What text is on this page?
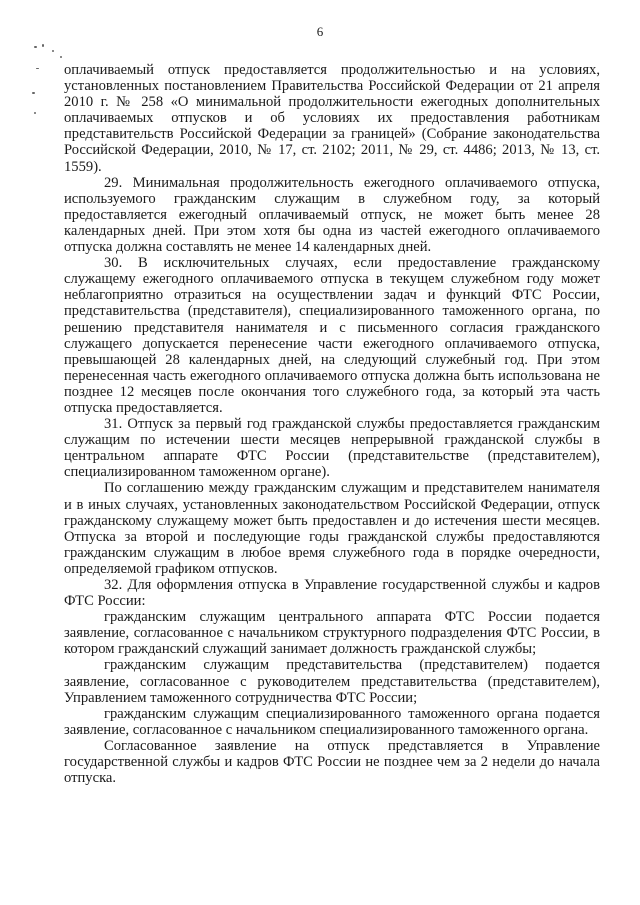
6

оплачиваемый отпуск предоставляется продолжительностью и на условиях, установленных постановлением Правительства Российской Федерации от 21 апреля 2010 г. № 258 «О минимальной продолжительности ежегодных дополнительных оплачиваемых отпусков и об условиях их предоставления работникам представительств Российской Федерации за границей» (Собрание законодательства Российской Федерации, 2010, № 17, ст. 2102; 2011, № 29, ст. 4486; 2013, № 13, ст. 1559).

29. Минимальная продолжительность ежегодного оплачиваемого отпуска, используемого гражданским служащим в служебном году, за который предоставляется ежегодный оплачиваемый отпуск, не может быть менее 28 календарных дней. При этом хотя бы одна из частей ежегодного оплачиваемого отпуска должна составлять не менее 14 календарных дней.

30. В исключительных случаях, если предоставление гражданскому служащему ежегодного оплачиваемого отпуска в текущем служебном году может неблагоприятно отразиться на осуществлении задач и функций ФТС России, представительства (представителя), специализированного таможенного органа, по решению представителя нанимателя и с письменного согласия гражданского служащего допускается перенесение части ежегодного оплачиваемого отпуска, превышающей 28 календарных дней, на следующий служебный год. При этом перенесенная часть ежегодного оплачиваемого отпуска должна быть использована не позднее 12 месяцев после окончания того служебного года, за который эта часть отпуска предоставляется.

31. Отпуск за первый год гражданской службы предоставляется гражданским служащим по истечении шести месяцев непрерывной гражданской службы в центральном аппарате ФТС России (представительстве (представителем), специализированном таможенном органе).

По соглашению между гражданским служащим и представителем нанимателя и в иных случаях, установленных законодательством Российской Федерации, отпуск гражданскому служащему может быть предоставлен и до истечения шести месяцев. Отпуска за второй и последующие годы гражданской службы предоставляются гражданским служащим в любое время служебного года в порядке очередности, определяемой графиком отпусков.

32. Для оформления отпуска в Управление государственной службы и кадров ФТС России:

гражданским служащим центрального аппарата ФТС России подается заявление, согласованное с начальником структурного подразделения ФТС России, в котором гражданский служащий занимает должность гражданской службы;

гражданским служащим представительства (представителем) подается заявление, согласованное с руководителем представительства (представителем), Управлением таможенного сотрудничества ФТС России;

гражданским служащим специализированного таможенного органа подается заявление, согласованное с начальником специализированного таможенного органа.

Согласованное заявление на отпуск представляется в Управление государственной службы и кадров ФТС России не позднее чем за 2 недели до начала отпуска.
